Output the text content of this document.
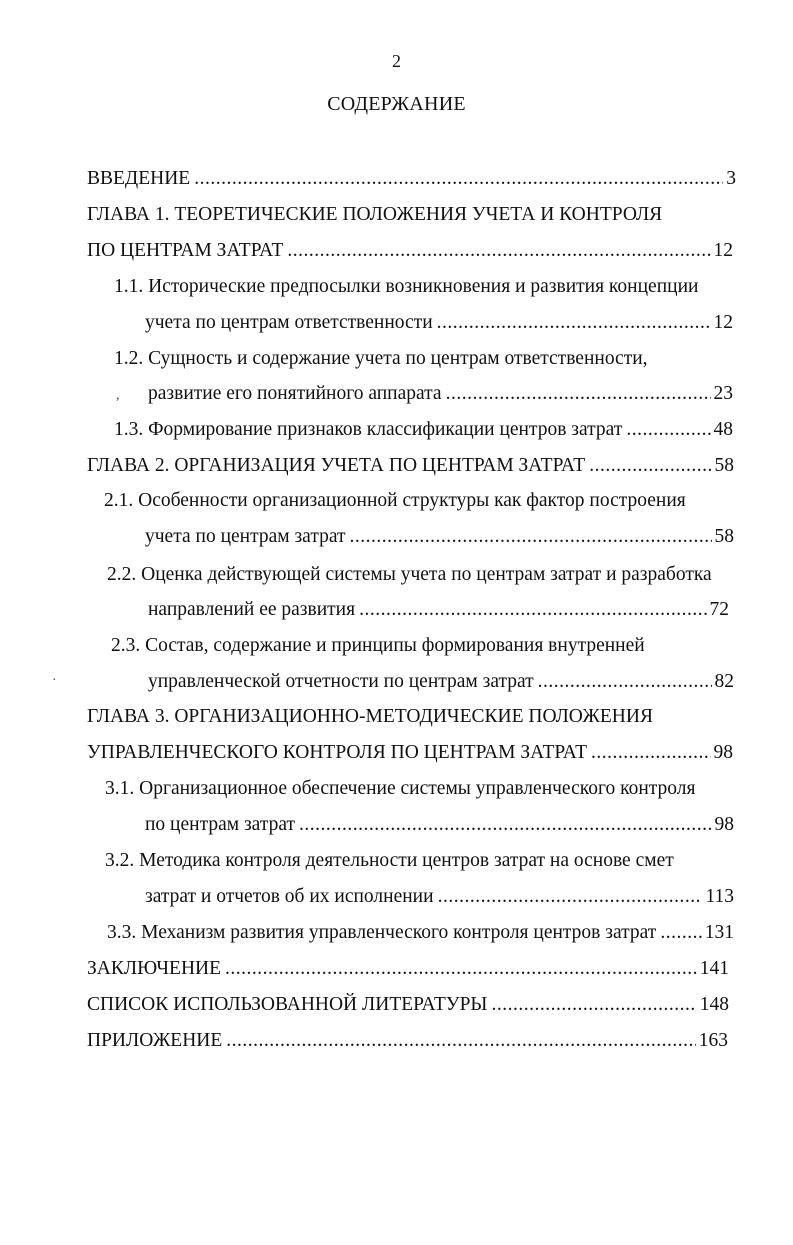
2
СОДЕРЖАНИЕ
ВВЕДЕНИЕ .....	3
ГЛАВА 1. ТЕОРЕТИЧЕСКИЕ ПОЛОЖЕНИЯ УЧЕТА И КОНТРОЛЯ
ПО ЦЕНТРАМ ЗАТРАТ .....	12
1.1. Исторические предпосылки возникновения и развития концепции
учета по центрам ответственности .....	12
1.2. Сущность и содержание учета по центрам ответственности,
развитие его понятийного аппарата .....	23
,
1.3. Формирование признаков классификации центров затрат .....	48
ГЛАВА 2. ОРГАНИЗАЦИЯ УЧЕТА ПО ЦЕНТРАМ ЗАТРАТ .....	58
2.1. Особенности организационной структуры как фактор построения
учета по центрам затрат .....	58
2.2. Оценка действующей системы учета по центрам затрат и разработка
направлений ее развития .....	72
2.3. Состав, содержание и принципы формирования внутренней
управленческой отчетности по центрам затрат .....	82
·
ГЛАВА 3. ОРГАНИЗАЦИОННО-МЕТОДИЧЕСКИЕ ПОЛОЖЕНИЯ
УПРАВЛЕНЧЕСКОГО КОНТРОЛЯ ПО ЦЕНТРАМ ЗАТРАТ .....	98
3.1. Организационное обеспечение системы управленческого контроля
по центрам затрат .....	98
3.2. Методика контроля деятельности центров затрат на основе смет
затрат и отчетов об их исполнении .....	113
3.3. Механизм развития управленческого контроля центров затрат ..... 131
ЗАКЛЮЧЕНИЕ .....	141
СПИСОК ИСПОЛЬЗОВАННОЙ ЛИТЕРАТУРЫ .....	148
ПРИЛОЖЕНИЕ .....	163
